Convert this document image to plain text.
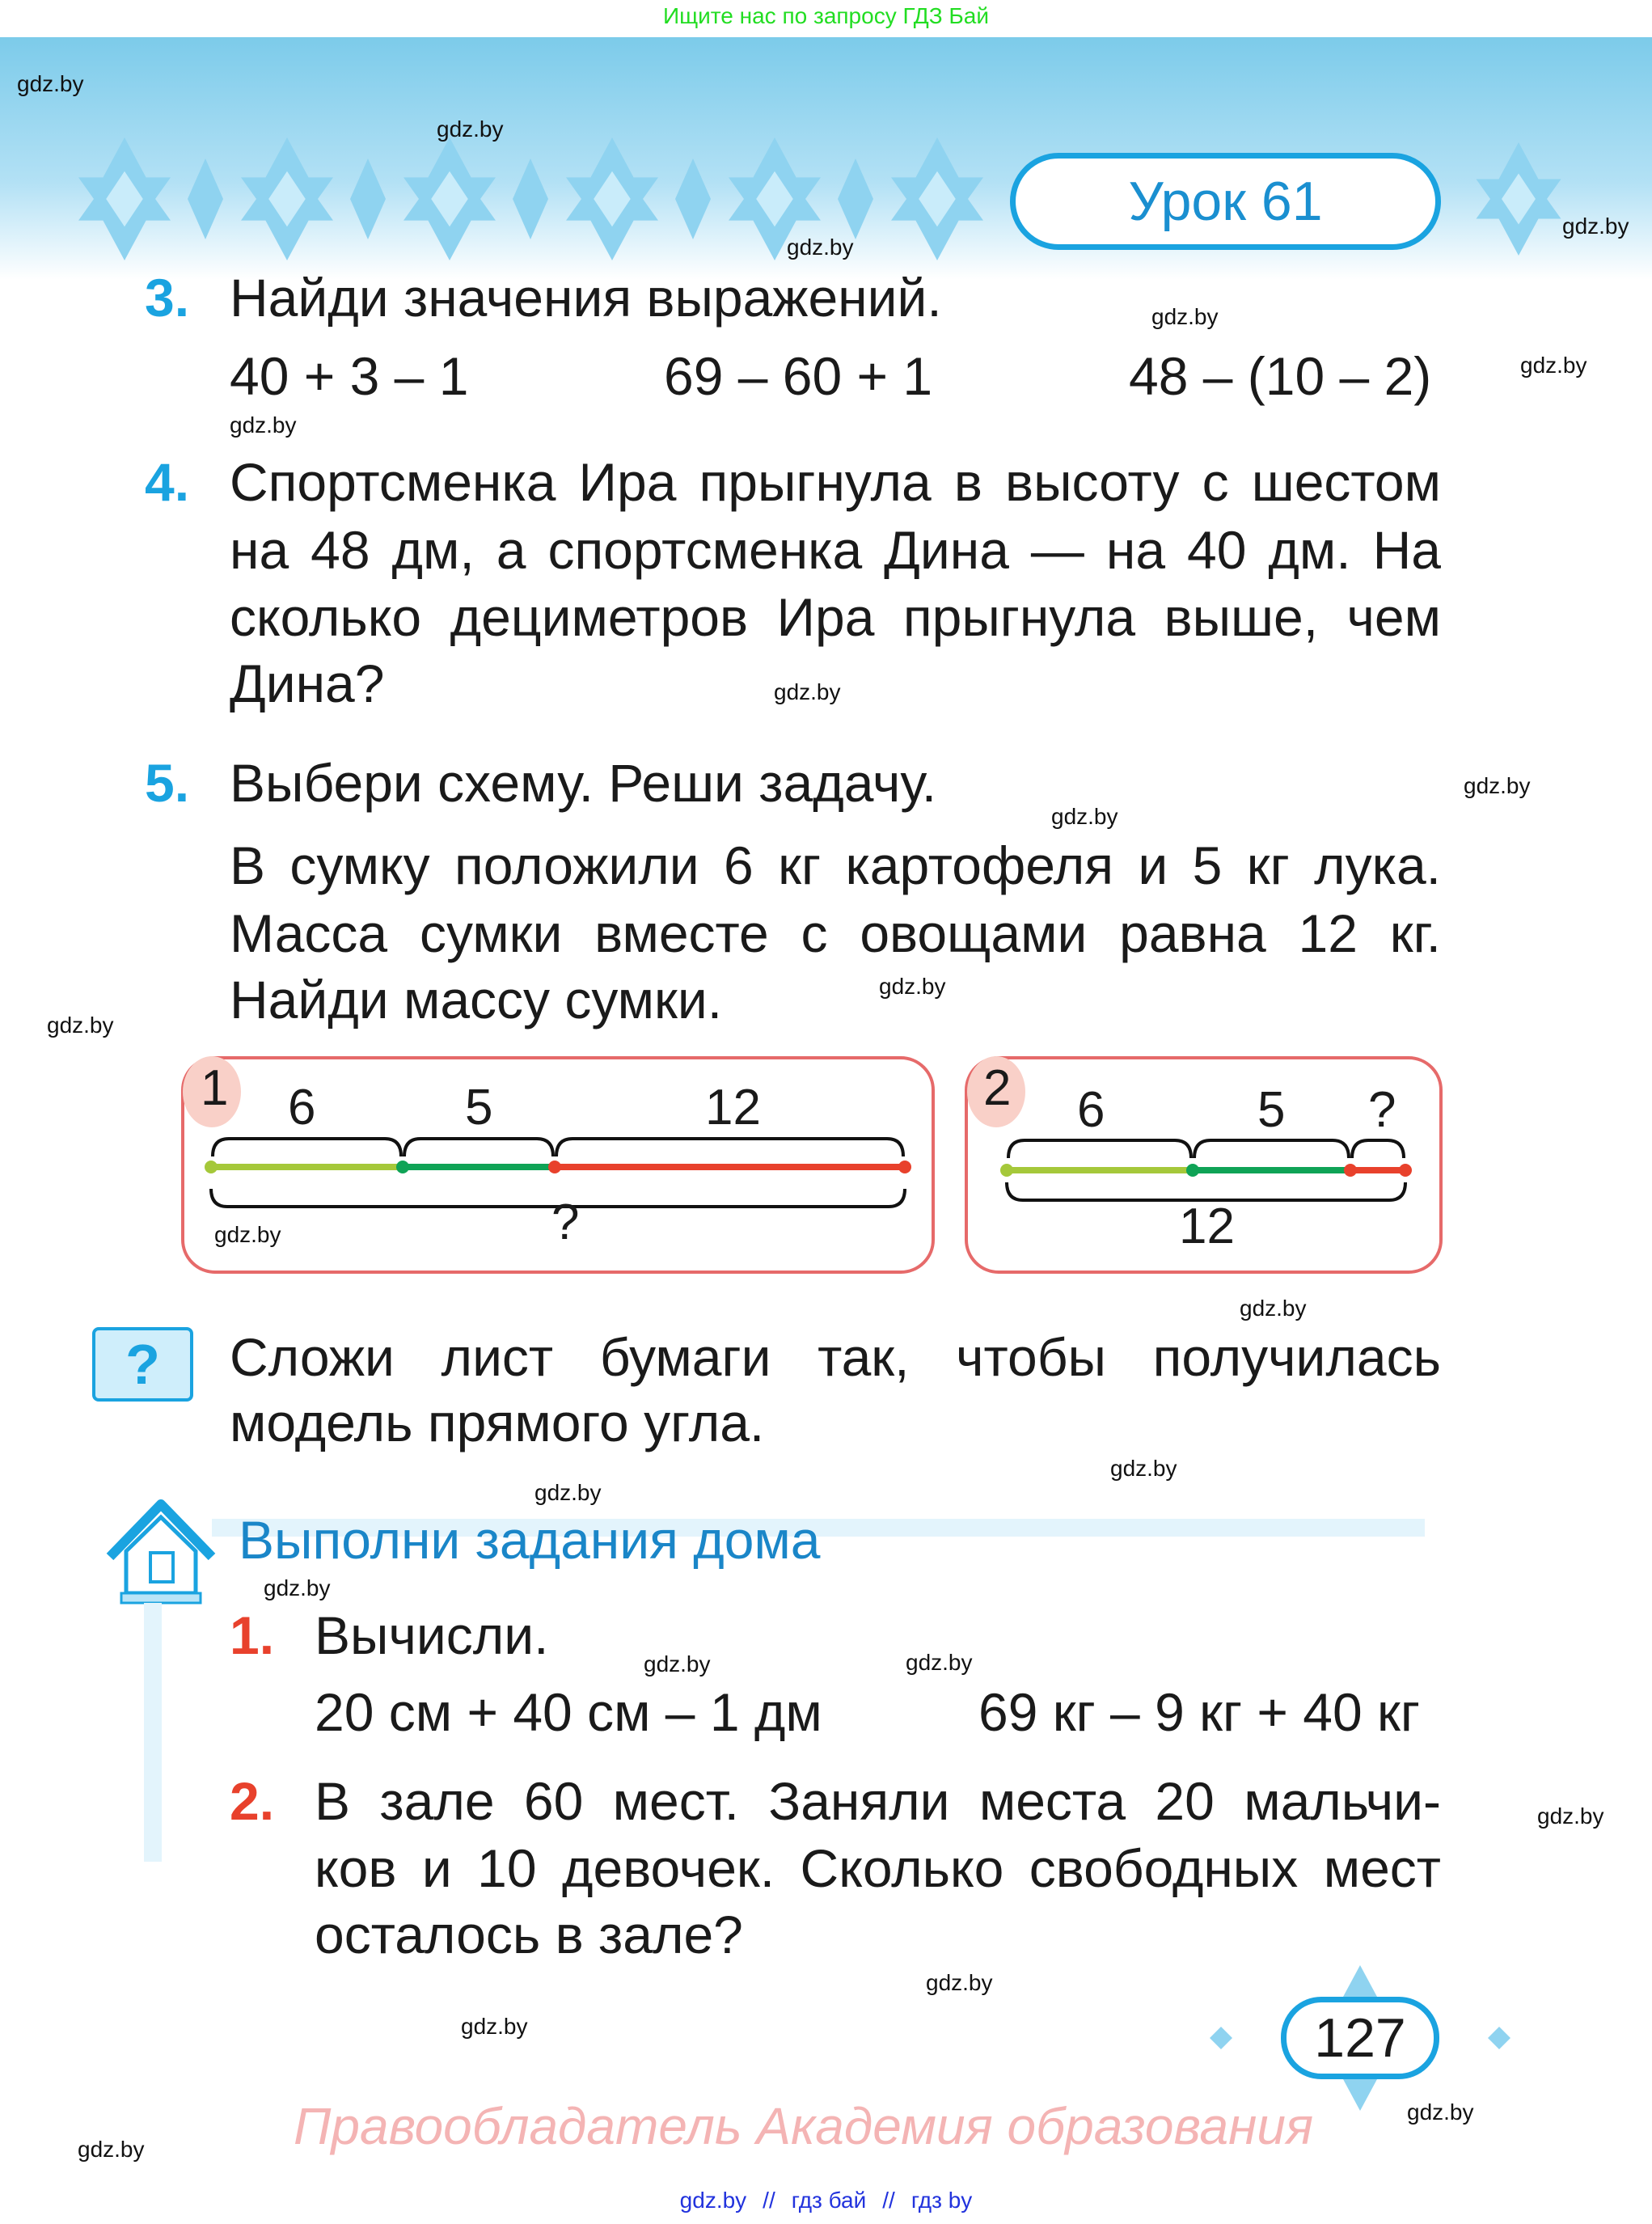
Ищите нас по запросу ГДЗ Бай
Урок 61
3. Найди значения выражений.
40 + 3 – 1	69 – 60 + 1	48 – (10 – 2)
4. Спортсменка Ира прыгнула в высоту с шестом
на 48 дм, а спортсменка Дина — на 40 дм. На
сколько дециметров Ира прыгнула выше, чем
Дина?
5. Выбери схему. Реши задачу.
В сумку положили 6 кг картофеля и 5 кг лука.
Масса сумки вместе с овощами равна 12 кг.
Найди массу сумки.
1 6	5	12
?
2 6	5 ?
12
?	Сложи лист бумаги так, чтобы получилась
модель прямого угла.
Выполни задания дома
1. Вычисли.
20 см + 40 см – 1 дм	69 кг – 9 кг + 40 кг
2. В зале 60 мест. Заняли места 20 мальчи-
ков и 10 девочек. Сколько свободных мест
осталось в зале?
127
Правообладатель Академия образования
gdz.by // гдз бай // гдз by
gdz.by
gdz.by
gdz.by
gdz.by
gdz.by
gdz.by
gdz.by
gdz.by
gdz.by
gdz.by
gdz.by
gdz.by
gdz.by
gdz.by
gdz.by
gdz.by
gdz.by
gdz.by	gdz.by
gdz.by
gdz.by
gdz.by
gdz.by
gdz.by
